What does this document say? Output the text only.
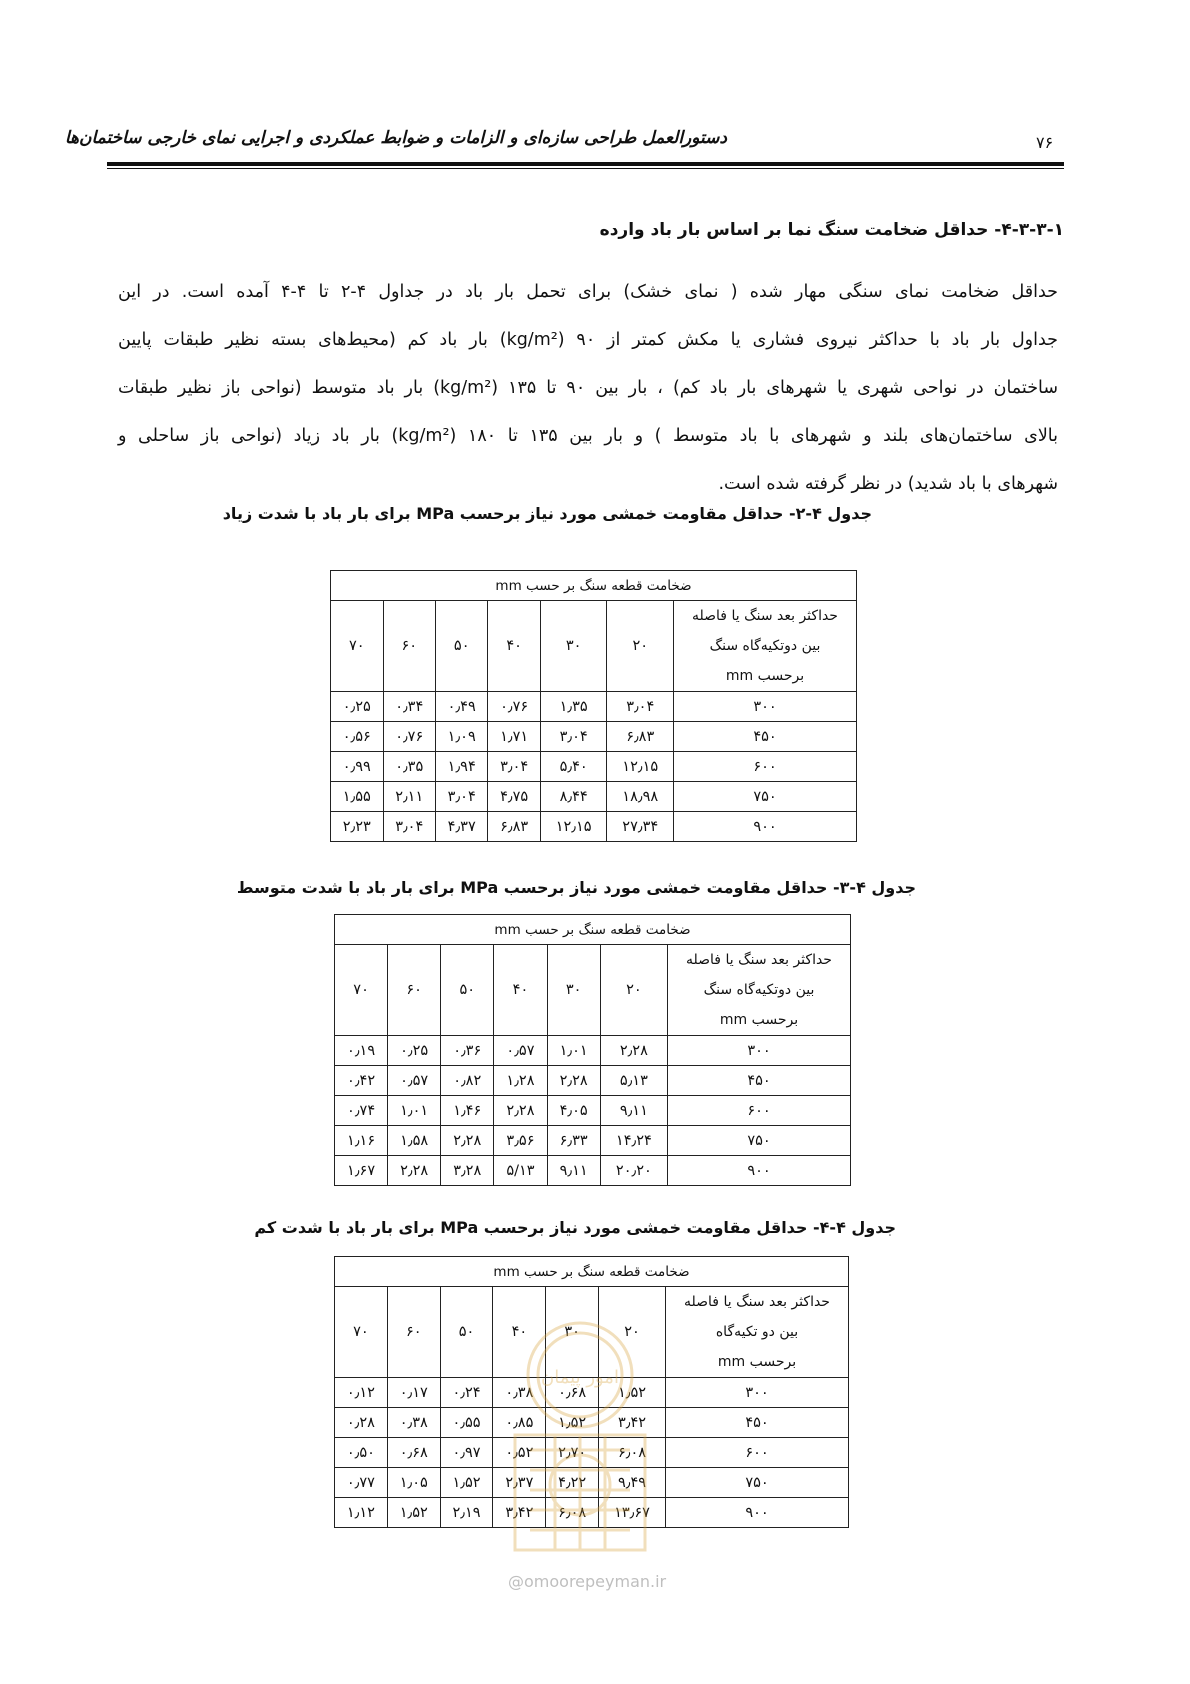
۷۶
دستورالعمل طراحی سازه‌ای و الزامات و ضوابط عملکردی و اجرایی نمای خارجی ساختمان‌ها
۴-۳-۳-۱- حداقل ضخامت سنگ نما بر اساس بار باد وارده

حداقل ضخامت نمای سنگی مهار شده ( نمای خشک) برای تحمل بار باد در جداول ۴-۲ تا ۴-۴ آمده است. در این
جداول بار باد با حداکثر نیروی فشاری یا مکش کمتر از ۹۰ (kg/m²) بار باد کم (محیط‌های بسته نظیر طبقات پایین
ساختمان در نواحی شهری یا شهرهای بار باد کم) ، بار بین ۹۰ تا ۱۳۵ (kg/m²) بار باد متوسط (نواحی باز نظیر طبقات
بالای ساختمان‌های بلند و شهرهای با باد متوسط ) و بار بین ۱۳۵ تا ۱۸۰ (kg/m²) بار باد زیاد (نواحی باز ساحلی و
شهرهای با باد شدید) در نظر گرفته شده است.

جدول ۴-۲- حداقل مقاومت خمشی مورد نیاز برحسب MPa برای بار باد با شدت زیاد
ضخامت قطعه سنگ بر حسب mm						
حداکثر بعد سنگ یا فاصله
بین دوتکیه‌گاه سنگ
برحسب mm	۲۰	۳۰	۴۰	۵۰	۶۰	۷۰
۳۰۰	۳٫۰۴	۱٫۳۵	۰٫۷۶	۰٫۴۹	۰٫۳۴	۰٫۲۵
۴۵۰	۶٫۸۳	۳٫۰۴	۱٫۷۱	۱٫۰۹	۰٫۷۶	۰٫۵۶
۶۰۰	۱۲٫۱۵	۵٫۴۰	۳٫۰۴	۱٫۹۴	۰٫۳۵	۰٫۹۹
۷۵۰	۱۸٫۹۸	۸٫۴۴	۴٫۷۵	۳٫۰۴	۲٫۱۱	۱٫۵۵
۹۰۰	۲۷٫۳۴	۱۲٫۱۵	۶٫۸۳	۴٫۳۷	۳٫۰۴	۲٫۲۳
جدول ۴-۳- حداقل مقاومت خمشی مورد نیاز برحسب MPa برای بار باد با شدت متوسط
ضخامت قطعه سنگ بر حسب mm						
حداکثر بعد سنگ یا فاصله
بین دوتکیه‌گاه سنگ
برحسب mm	۲۰	۳۰	۴۰	۵۰	۶۰	۷۰
۳۰۰	۲٫۲۸	۱٫۰۱	۰٫۵۷	۰٫۳۶	۰٫۲۵	۰٫۱۹
۴۵۰	۵٫۱۳	۲٫۲۸	۱٫۲۸	۰٫۸۲	۰٫۵۷	۰٫۴۲
۶۰۰	۹٫۱۱	۴٫۰۵	۲٫۲۸	۱٫۴۶	۱٫۰۱	۰٫۷۴
۷۵۰	۱۴٫۲۴	۶٫۳۳	۳٫۵۶	۲٫۲۸	۱٫۵۸	۱٫۱۶
۹۰۰	۲۰٫۲۰	۹٫۱۱	۵/۱۳	۳٫۲۸	۲٫۲۸	۱٫۶۷
جدول ۴-۴- حداقل مقاومت خمشی مورد نیاز برحسب MPa برای بار باد با شدت کم
ضخامت قطعه سنگ بر حسب mm						
حداکثر بعد سنگ یا فاصله
بین دو تکیه‌گاه
برحسب mm	۲۰	۳۰	۴۰	۵۰	۶۰	۷۰
۳۰۰	۱٫۵۲	۰٫۶۸	۰٫۳۸	۰٫۲۴	۰٫۱۷	۰٫۱۲
۴۵۰	۳٫۴۲	۱٫۵۲	۰٫۸۵	۰٫۵۵	۰٫۳۸	۰٫۲۸
۶۰۰	۶٫۰۸	۲٫۷۰	۰٫۵۲	۰٫۹۷	۰٫۶۸	۰٫۵۰
۷۵۰	۹٫۴۹	۴٫۲۲	۲٫۳۷	۱٫۵۲	۱٫۰۵	۰٫۷۷
۹۰۰	۱۳٫۶۷	۶٫۰۸	۳٫۴۲	۲٫۱۹	۱٫۵۲	۱٫۱۲
امور پیمان
@omoorepeyman.ir
